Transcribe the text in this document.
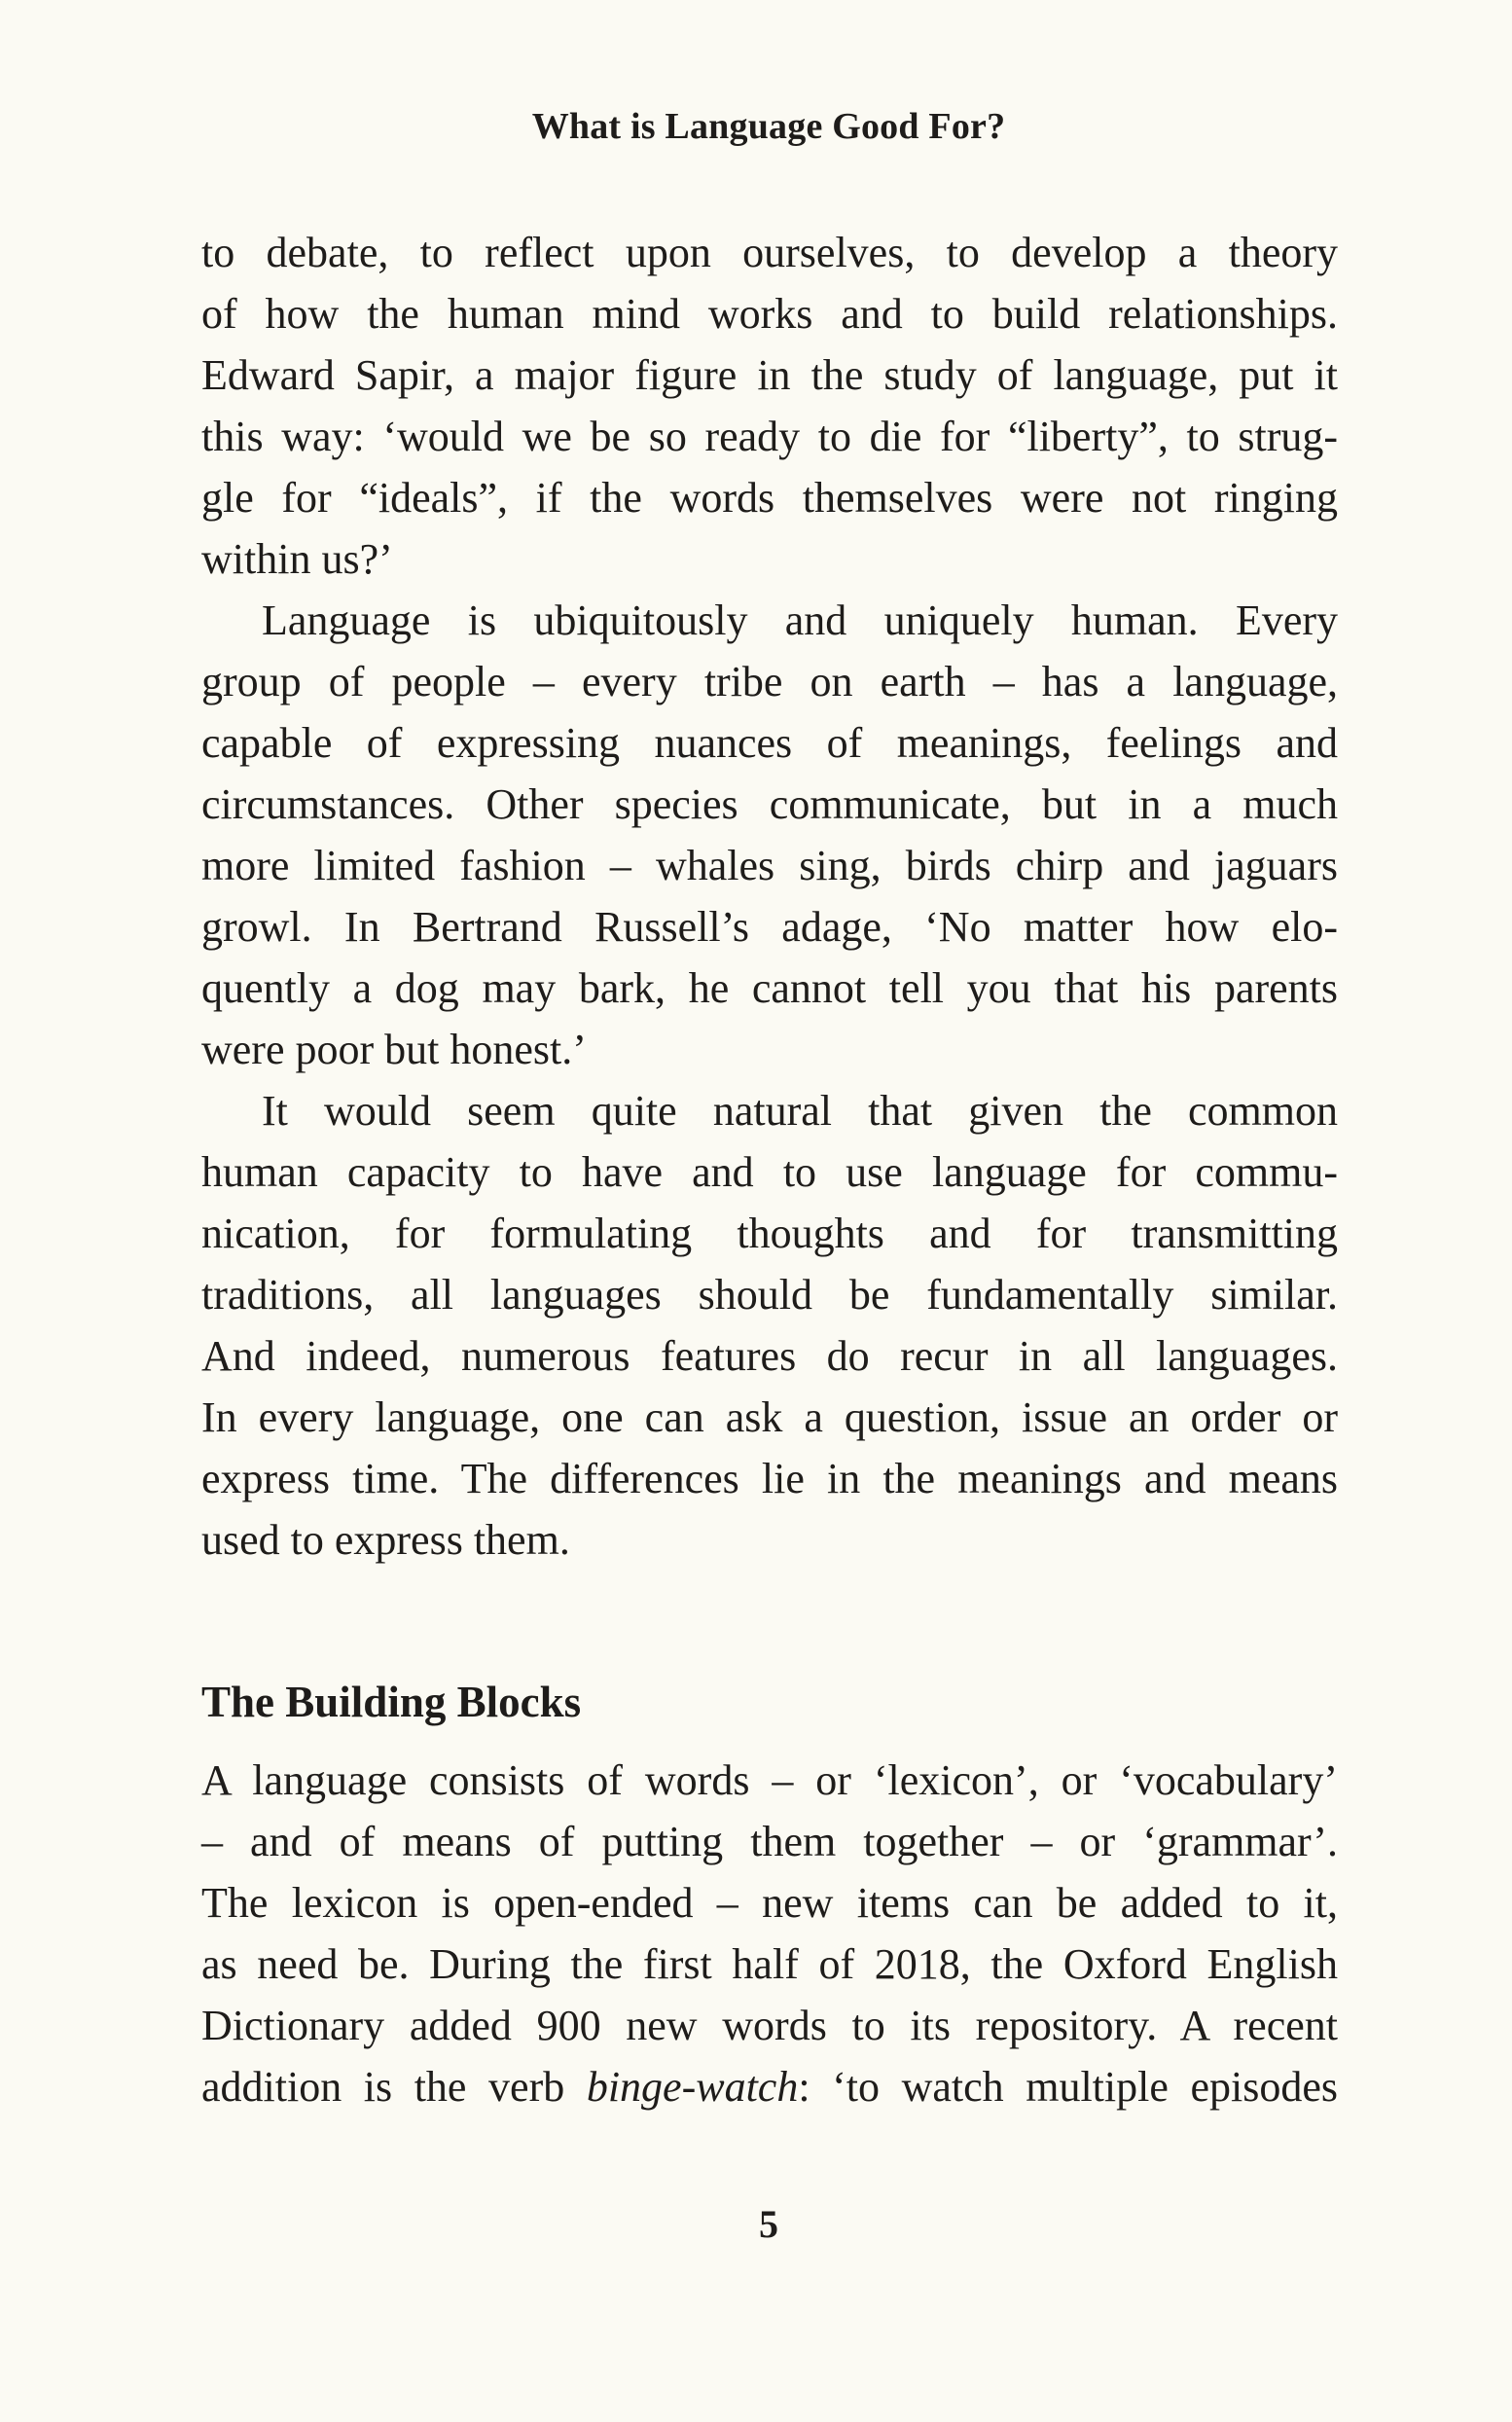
What is Language Good For?
to debate, to reflect upon ourselves, to develop a theory
of how the human mind works and to build relationships.
Edward Sapir, a major figure in the study of language, put it
this way: ‘would we be so ready to die for “liberty”, to strug-
gle for “ideals”, if the words themselves were not ringing
within us?’
Language is ubiquitously and uniquely human. Every
group of people – every tribe on earth – has a language,
capable of expressing nuances of meanings, feelings and
circumstances. Other species communicate, but in a much
more limited fashion – whales sing, birds chirp and jaguars
growl. In Bertrand Russell’s adage, ‘No matter how elo-
quently a dog may bark, he cannot tell you that his parents
were poor but honest.’
It would seem quite natural that given the common
human capacity to have and to use language for commu-
nication, for formulating thoughts and for transmitting
traditions, all languages should be fundamentally similar.
And indeed, numerous features do recur in all languages.
In every language, one can ask a question, issue an order or
express time. The differences lie in the meanings and means
used to express them.
The Building Blocks
A language consists of words – or ‘lexicon’, or ‘vocabulary’
– and of means of putting them together – or ‘grammar’.
The lexicon is open-ended – new items can be added to it,
as need be. During the first half of 2018, the Oxford English
Dictionary added 900 new words to its repository. A recent
addition is the verb binge-watch: ‘to watch multiple episodes
5
